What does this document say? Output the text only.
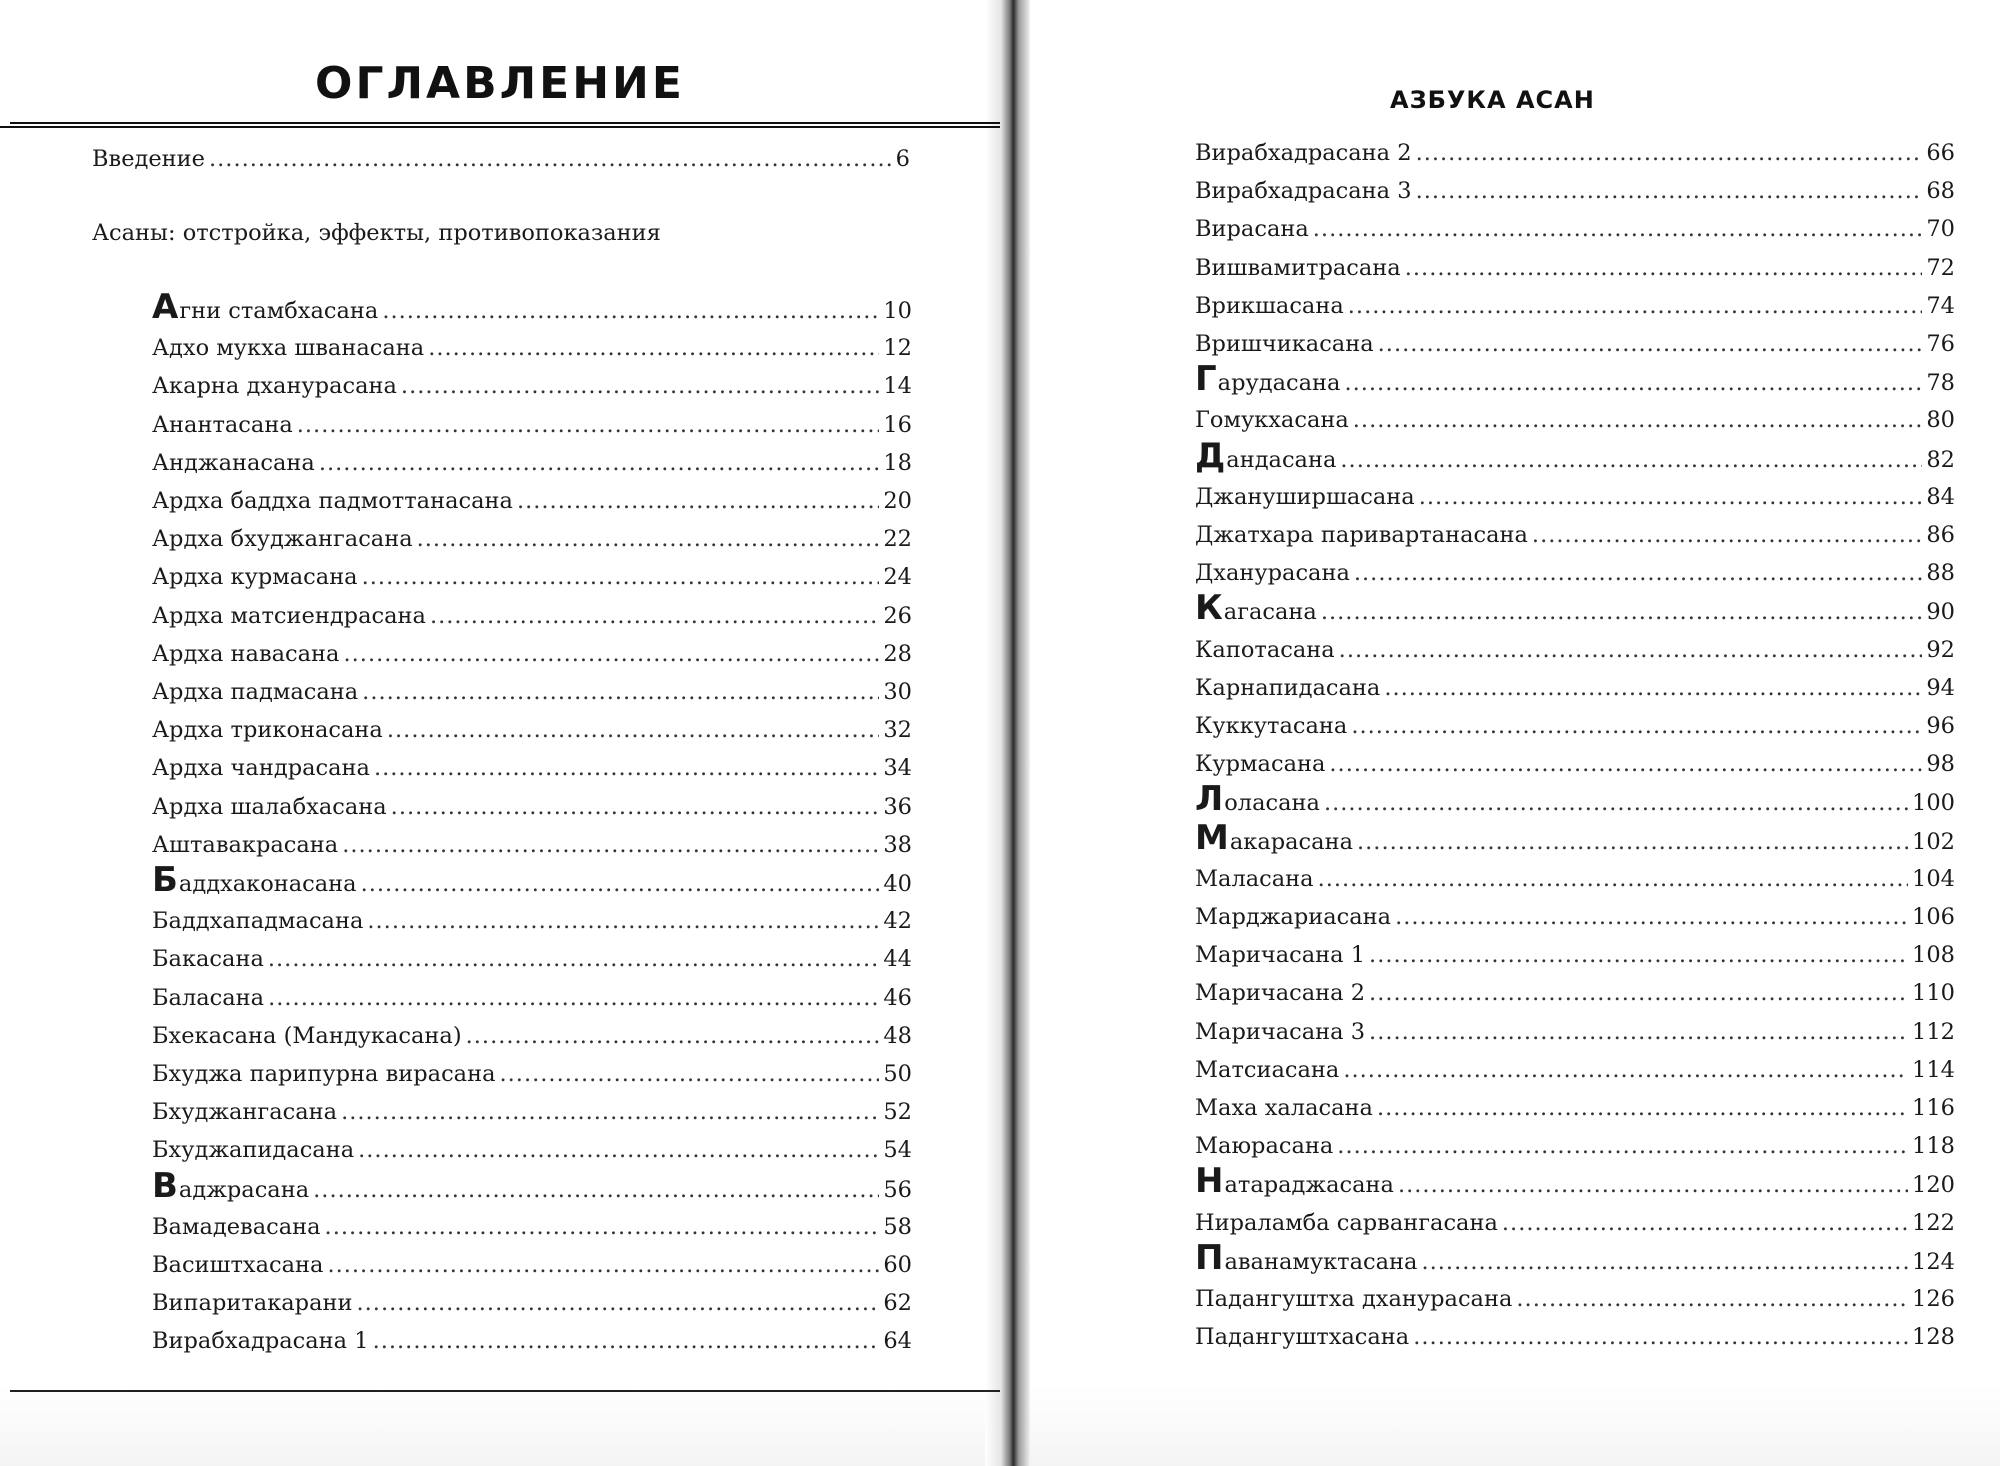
ОГЛАВЛЕНИЕ	АЗБУКА АСАН
Введение .....	6

Асаны: отстройка, эффекты, противопоказания

Агни стамбхасана .....	10
Адхо мукха шванасана .....	12
Акарна дханурасана .....	14
Анантасана .....	16
Анджанасана .....	18
Ардха баддха падмоттанасана .....	20
Ардха бхуджангасана .....	22
Ардха курмасана .....	24
Ардха матсиендрасана .....	26
Ардха навасана .....	28
Ардха падмасана .....	30
Ардха триконасана .....	32
Ардха чандрасана .....	34
Ардха шалабхасана .....	36
Аштавакрасана .....	38
Баддхаконасана .....	40
Баддхападмасана .....	42
Бакасана .....	44
Баласана .....	46
Бхекасана (Мандукасана) .....	48
Бхуджа парипурна вирасана .....	50
Бхуджангасана .....	52
Бхуджапидасана .....	54
Ваджрасана .....	56
Вамадевасана .....	58
Васиштхасана .....	60
Випаритакарани .....	62
Вирабхадрасана 1 .....	64
Вирабхадрасана 2 .....	66
Вирабхадрасана 3 .....	68
Вирасана .....	70
Вишвамитрасана .....	72
Врикшасана .....	74
Вришчикасана .....	76
Гарудасана .....	78
Гомукхасана .....	80
Дандасана .....	82
Джануширшасана .....	84
Джатхара паривартанасана .....	86
Дханурасана .....	88
Кагасана .....	90
Капотасана .....	92
Карнапидасана .....	94
Куккутасана .....	96
Курмасана .....	98
Лоласана .....	100
Макарасана .....	102
Маласана .....	104
Марджариасана .....	106
Маричасана 1 .....	108
Маричасана 2 .....	110
Маричасана 3 .....	112
Матсиасана .....	114
Маха халасана .....	116
Маюрасана .....	118
Натараджасана .....	120
Нираламба сарвангасана .....	122
Паванамуктасана .....	124
Падангуштха дханурасана .....	126
Падангуштхасана .....	128
